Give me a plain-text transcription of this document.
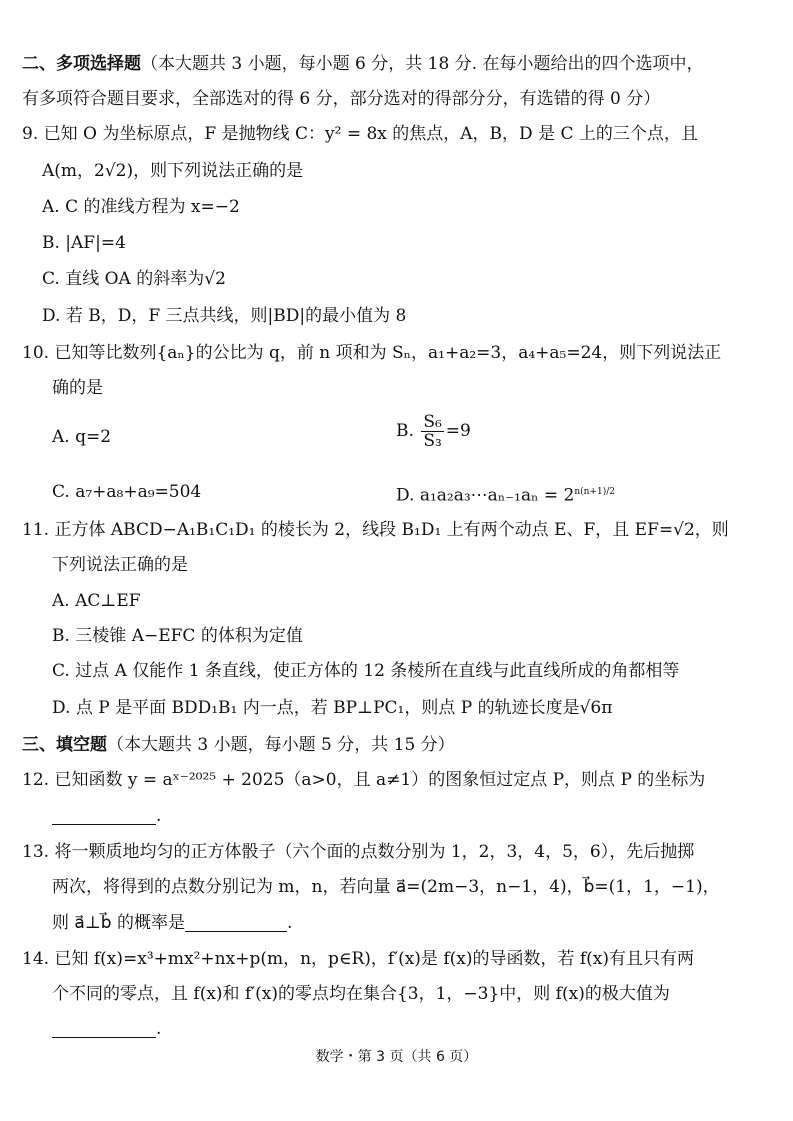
二、多项选择题（本大题共 3 小题，每小题 6 分，共 18 分. 在每小题给出的四个选项中，
有多项符合题目要求，全部选对的得 6 分，部分选对的得部分分，有选错的得 0 分）
9. 已知 O 为坐标原点，F 是抛物线 C：y² = 8x 的焦点，A，B，D 是 C 上的三个点，且
A(m，2√2)，则下列说法正确的是
A. C 的准线方程为 x=−2
B. |AF|=4
C. 直线 OA 的斜率为√2
D. 若 B，D，F 三点共线，则|BD|的最小值为 8
10. 已知等比数列{aₙ}的公比为 q，前 n 项和为 Sₙ，a₁+a₂=3，a₄+a₅=24，则下列说法正
确的是
A. q=2	B. $\frac{\text{S₆}}{\text{S₃}} =9$
C. a₇+a₈+a₉=504	D. a₁a₂a₃⋯aₙ₋₁aₙ = $2^{n(n+1)/2}$
11. 正方体 ABCD−A₁B₁C₁D₁ 的棱长为 2，线段 B₁D₁ 上有两个动点 E、F，且 EF=√2，则
下列说法正确的是
A. AC⊥EF
B. 三棱锥 A−EFC 的体积为定值
C. 过点 A 仅能作 1 条直线，使正方体的 12 条棱所在直线与此直线所成的角都相等
D. 点 P 是平面 BDD₁B₁ 内一点，若 BP⊥PC₁，则点 P 的轨迹长度是√6π
三、填空题（本大题共 3 小题，每小题 5 分，共 15 分）
12. 已知函数 y = aˣ⁻²⁰²⁵ + 2025（a>0，且 a≠1）的图象恒过定点 P，则点 P 的坐标为
.
13. 将一颗质地均匀的正方体骰子（六个面的点数分别为 1，2，3，4，5，6），先后抛掷
两次，将得到的点数分别记为 m，n，若向量 a⃗=(2m−3，n−1，4)，b⃗=(1，1，−1)，
则 a⃗⊥b⃗ 的概率是	.
14. 已知 f(x)=x³+mx²+nx+p(m，n，p∈R)，f′(x)是 f(x)的导函数，若 f(x)有且只有两
个不同的零点，且 f(x)和 f′(x)的零点均在集合{3，1，−3}中，则 f(x)的极大值为
.
数学・第 3 页（共 6 页）
